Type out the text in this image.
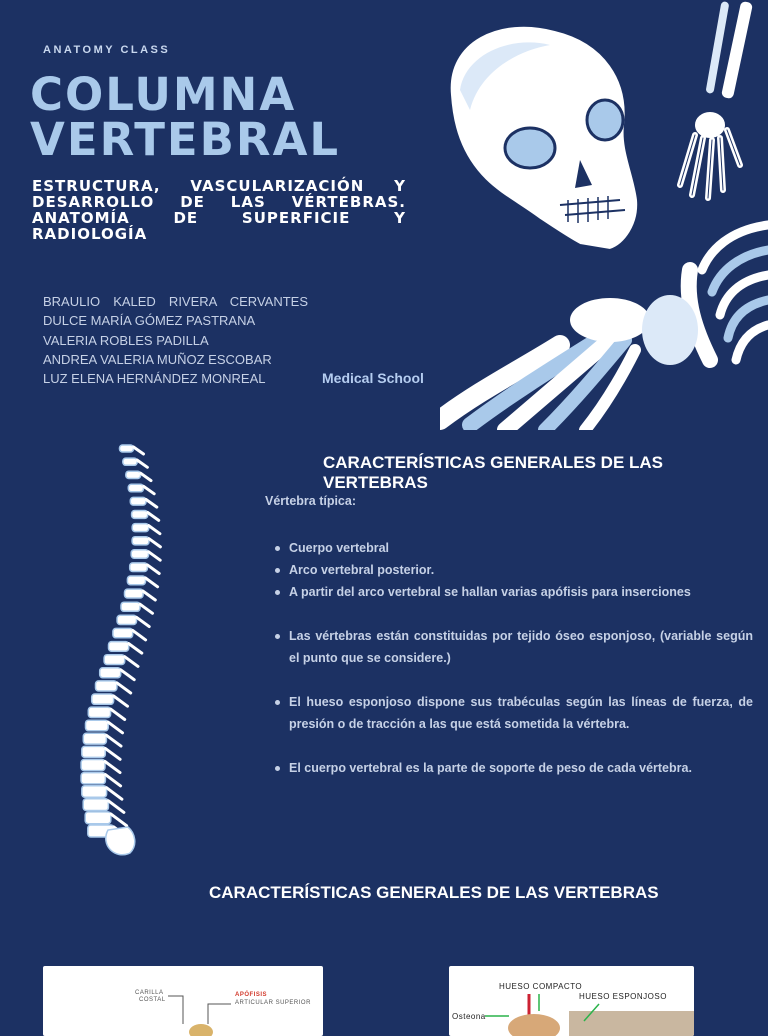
ANATOMY CLASS
COLUMNA
VERTEBRAL
ESTRUCTURA, VASCULARIZACIÓN Y DESARROLLO DE LAS VÉRTEBRAS. ANATOMÍA DE SUPERFICIE Y RADIOLOGÍA
BRAULIO KALED RIVERA CERVANTES
DULCE MARÍA GÓMEZ PASTRANA
VALERIA ROBLES PADILLA
ANDREA VALERIA MUÑOZ ESCOBAR
LUZ ELENA HERNÁNDEZ MONREAL	Medical School
CARACTERÍSTICAS GENERALES DE LAS VERTEBRAS
Vértebra típica:
Cuerpo vertebral
Arco vertebral posterior.
A partir del arco vertebral se hallan varias apófisis para inserciones
Las vértebras están constituidas por tejido óseo esponjoso, (variable según el punto que se considere.)
El hueso esponjoso dispone sus trabéculas según las líneas de fuerza, de presión o de tracción a las que está sometida la vértebra.
El cuerpo vertebral es la parte de soporte de peso de cada vértebra.
CARACTERÍSTICAS GENERALES DE LAS VERTEBRAS
CARILLA
COSTAL
APÓFISIS
ARTICULAR SUPERIOR
HUESO COMPACTO
HUESO ESPONJOSO
Osteona
